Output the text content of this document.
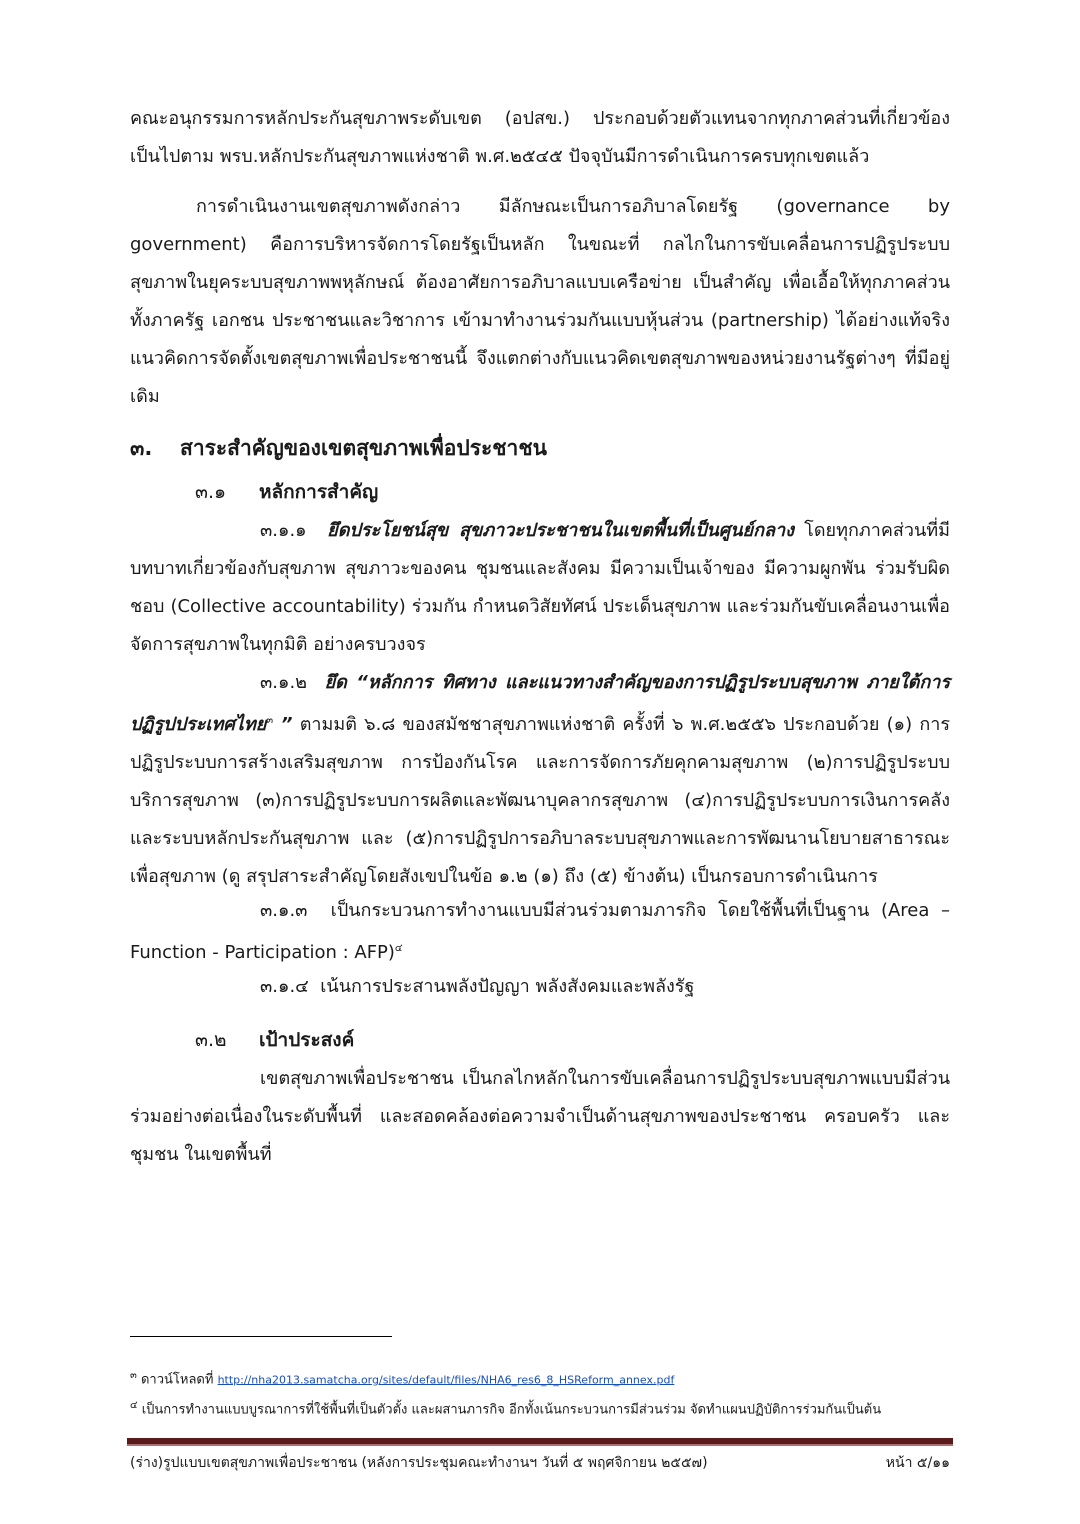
คณะอนุกรรมการหลักประกันสุขภาพระดับเขต (อปสข.) ประกอบด้วยตัวแทนจากทุกภาคส่วนที่เกี่ยวข้อง เป็นไปตาม พรบ.หลักประกันสุขภาพแห่งชาติ พ.ศ.๒๕๔๕ ปัจจุบันมีการดำเนินการครบทุกเขตแล้ว

การดำเนินงานเขตสุขภาพดังกล่าว มีลักษณะเป็นการอภิบาลโดยรัฐ (governance by government) คือการบริหารจัดการโดยรัฐเป็นหลัก ในขณะที่ กลไกในการขับเคลื่อนการปฏิรูประบบสุขภาพในยุคระบบสุขภาพพหุลักษณ์ ต้องอาศัยการอภิบาลแบบเครือข่าย เป็นสำคัญ เพื่อเอื้อให้ทุกภาคส่วนทั้งภาครัฐ เอกชน ประชาชนและวิชาการ เข้ามาทำงานร่วมกันแบบหุ้นส่วน (partnership) ได้อย่างแท้จริง แนวคิดการจัดตั้งเขตสุขภาพเพื่อประชาชนนี้ จึงแตกต่างกับแนวคิดเขตสุขภาพของหน่วยงานรัฐต่างๆ ที่มีอยู่เดิม

๓. สาระสำคัญของเขตสุขภาพเพื่อประชาชน
๓.๑ หลักการสำคัญ

๓.๑.๑ ยึดประโยชน์สุข สุขภาวะประชาชนในเขตพื้นที่เป็นศูนย์กลาง โดยทุกภาคส่วนที่มีบทบาทเกี่ยวข้องกับสุขภาพ สุขภาวะของคน ชุมชนและสังคม มีความเป็นเจ้าของ มีความผูกพัน ร่วมรับผิดชอบ (Collective accountability) ร่วมกัน กำหนดวิสัยทัศน์ ประเด็นสุขภาพ และร่วมกันขับเคลื่อนงานเพื่อจัดการสุขภาพในทุกมิติ อย่างครบวงจร

๓.๑.๒ ยึด “หลักการ ทิศทาง และแนวทางสำคัญของการปฏิรูประบบสุขภาพ ภายใต้การปฏิรูปประเทศไทย$^๓$ ” ตามมติ ๖.๘ ของสมัชชาสุขภาพแห่งชาติ ครั้งที่ ๖ พ.ศ.๒๕๕๖ ประกอบด้วย (๑) การปฏิรูประบบการสร้างเสริมสุขภาพ การป้องกันโรค และการจัดการภัยคุกคามสุขภาพ (๒)การปฏิรูประบบบริการสุขภาพ (๓)การปฏิรูประบบการผลิตและพัฒนาบุคลากรสุขภาพ (๔)การปฏิรูประบบการเงินการคลังและระบบหลักประกันสุขภาพ และ (๕)การปฏิรูปการอภิบาลระบบสุขภาพและการพัฒนานโยบายสาธารณะเพื่อสุขภาพ (ดู สรุปสาระสำคัญโดยสังเขปในข้อ ๑.๒ (๑) ถึง (๕) ข้างต้น) เป็นกรอบการดำเนินการ

๓.๑.๓ เป็นกระบวนการทำงานแบบมีส่วนร่วมตามภารกิจ โดยใช้พื้นที่เป็นฐาน (Area – Function - Participation : AFP)$^๔$

๓.๑.๔ เน้นการประสานพลังปัญญา พลังสังคมและพลังรัฐ

๓.๒ เป้าประสงค์

เขตสุขภาพเพื่อประชาชน เป็นกลไกหลักในการขับเคลื่อนการปฏิรูประบบสุขภาพแบบมีส่วนร่วมอย่างต่อเนื่องในระดับพื้นที่ และสอดคล้องต่อความจำเป็นด้านสุขภาพของประชาชน ครอบครัว และชุมชน ในเขตพื้นที่

$^๓$ ดาวน์โหลดที่ http://nha2013.samatcha.org/sites/default/files/NHA6_res6_8_HSReform_annex.pdf

$^๔$ เป็นการทำงานแบบบูรณาการที่ใช้พื้นที่เป็นตัวตั้ง และผสานภารกิจ อีกทั้งเน้นกระบวนการมีส่วนร่วม จัดทำแผนปฏิบัติการร่วมกันเป็นต้น

(ร่าง)รูปแบบเขตสุขภาพเพื่อประชาชน (หลังการประชุมคณะทำงานฯ วันที่ ๕ พฤศจิกายน ๒๕๕๗)	หน้า ๕/๑๑
